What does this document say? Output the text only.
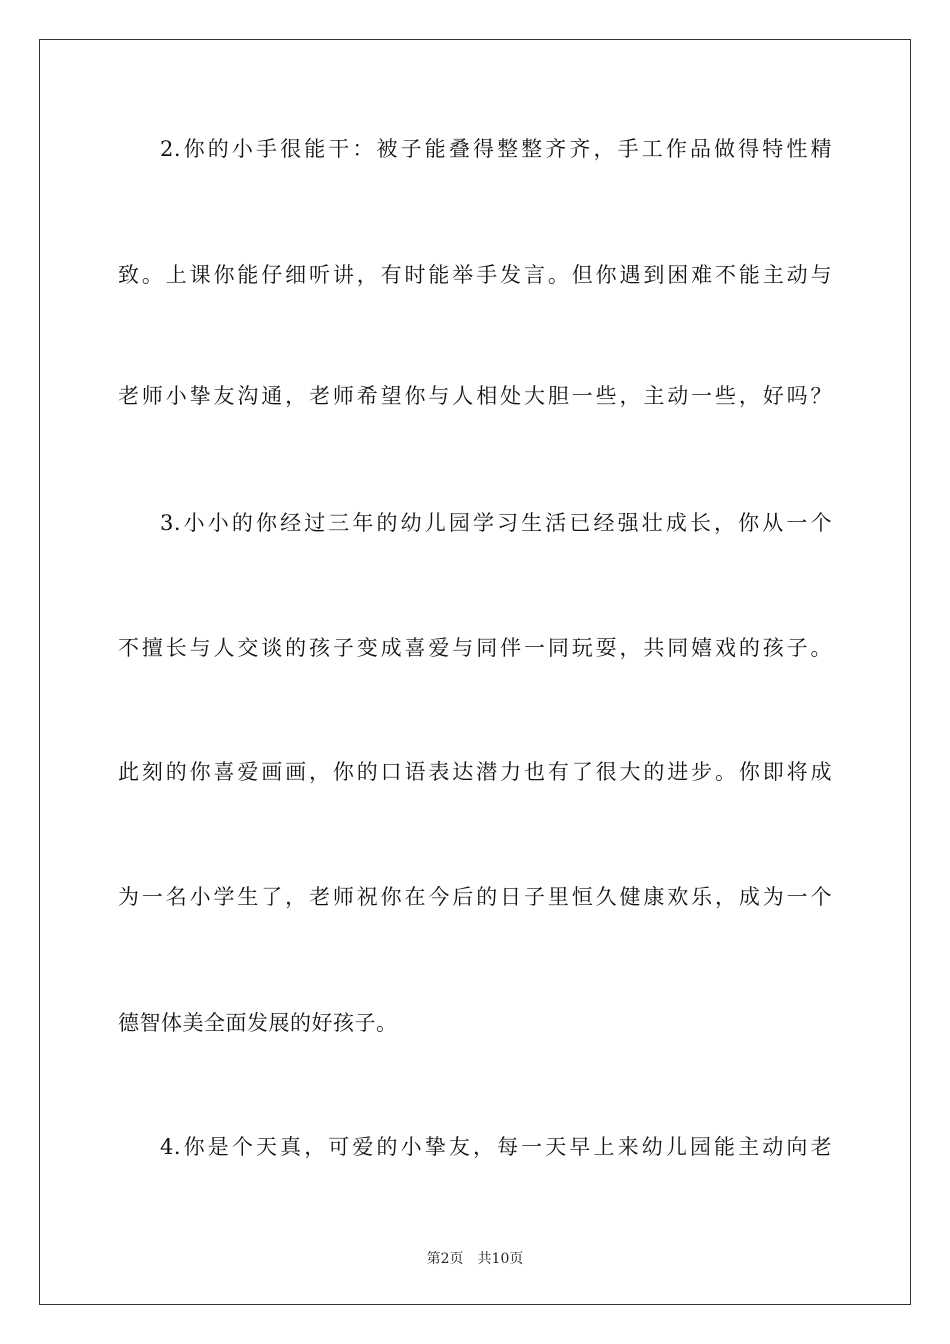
2.你的小手很能干：被子能叠得整整齐齐，手工作品做得特性精
致。上课你能仔细听讲，有时能举手发言。但你遇到困难不能主动与
老师小挚友沟通，老师希望你与人相处大胆一些，主动一些，好吗？
3.小小的你经过三年的幼儿园学习生活已经强壮成长，你从一个
不擅长与人交谈的孩子变成喜爱与同伴一同玩耍，共同嬉戏的孩子。
此刻的你喜爱画画，你的口语表达潜力也有了很大的进步。你即将成
为一名小学生了，老师祝你在今后的日子里恒久健康欢乐，成为一个
德智体美全面发展的好孩子。
4.你是个天真，可爱的小挚友，每一天早上来幼儿园能主动向老
第2页 共10页
